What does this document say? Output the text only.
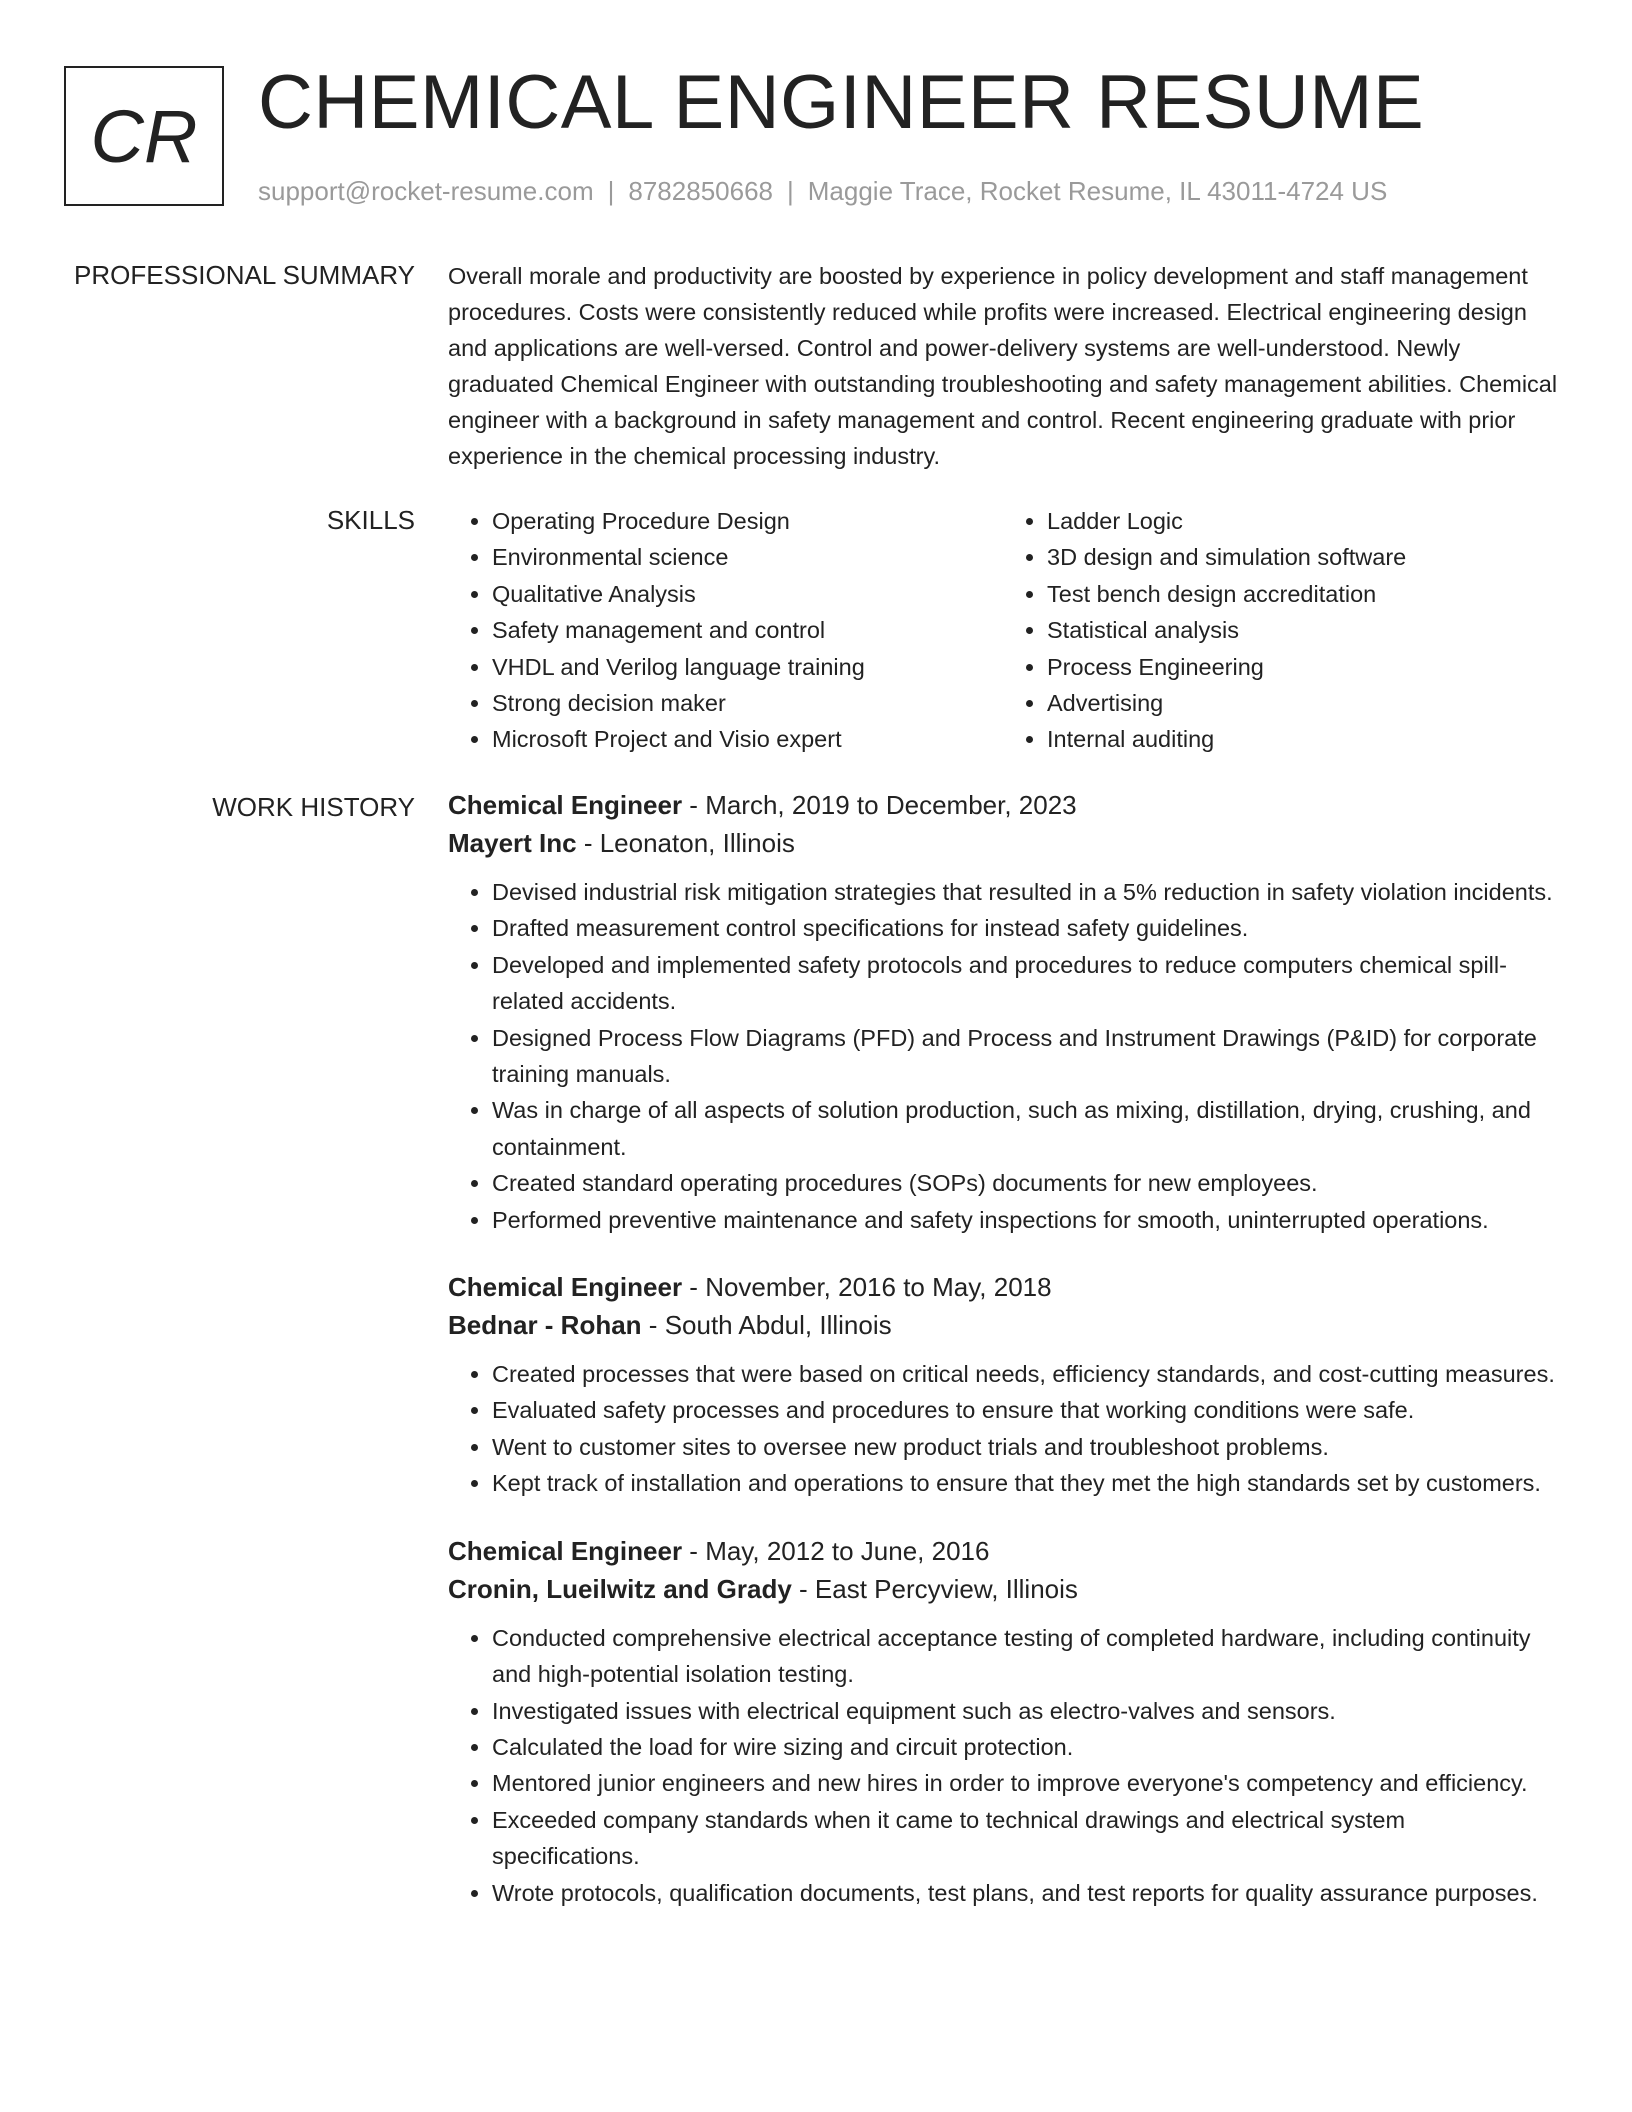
CR CHEMICAL ENGINEER RESUME
support@rocket-resume.com | 8782850668 | Maggie Trace, Rocket Resume, IL 43011-4724 US
PROFESSIONAL SUMMARY Overall morale and productivity are boosted by experience in policy development and staff management procedures. Costs were consistently reduced while profits were increased. Electrical engineering design and applications are well-versed. Control and power-delivery systems are well-understood. Newly graduated Chemical Engineer with outstanding troubleshooting and safety management abilities. Chemical engineer with a background in safety management and control. Recent engineering graduate with prior experience in the chemical processing industry.

SKILLS
•	Operating Procedure Design
• Environmental science
• Qualitative Analysis
• Safety management and control
• VHDL and Verilog language training
• Strong decision maker
• Microsoft Project and Visio expert
• Ladder Logic
• 3D design and simulation software
• Test bench design accreditation
• Statistical analysis
• Process Engineering
• Advertising
• Internal auditing
WORK HISTORY Chemical Engineer - March, 2019 to December, 2023
Mayert Inc - Leonaton, Illinois
• Devised industrial risk mitigation strategies that resulted in a 5% reduction in safety violation incidents.
• Drafted measurement control specifications for instead safety guidelines.
• Developed and implemented safety protocols and procedures to reduce computers chemical spill-related accidents.
• Designed Process Flow Diagrams (PFD) and Process and Instrument Drawings (P&ID) for corporate training manuals.
• Was in charge of all aspects of solution production, such as mixing, distillation, drying, crushing, and containment.
• Created standard operating procedures (SOPs) documents for new employees.
• Performed preventive maintenance and safety inspections for smooth, uninterrupted operations.
Chemical Engineer - November, 2016 to May, 2018
Bednar - Rohan - South Abdul, Illinois
• Created processes that were based on critical needs, efficiency standards, and cost-cutting measures.
• Evaluated safety processes and procedures to ensure that working conditions were safe.
• Went to customer sites to oversee new product trials and troubleshoot problems.
• Kept track of installation and operations to ensure that they met the high standards set by customers.
Chemical Engineer - May, 2012 to June, 2016
Cronin, Lueilwitz and Grady - East Percyview, Illinois
• Conducted comprehensive electrical acceptance testing of completed hardware, including continuity and high-potential isolation testing.
• Investigated issues with electrical equipment such as electro-valves and sensors.
• Calculated the load for wire sizing and circuit protection.
• Mentored junior engineers and new hires in order to improve everyone's competency and efficiency.
• Exceeded company standards when it came to technical drawings and electrical system specifications.
• Wrote protocols, qualification documents, test plans, and test reports for quality assurance purposes.
